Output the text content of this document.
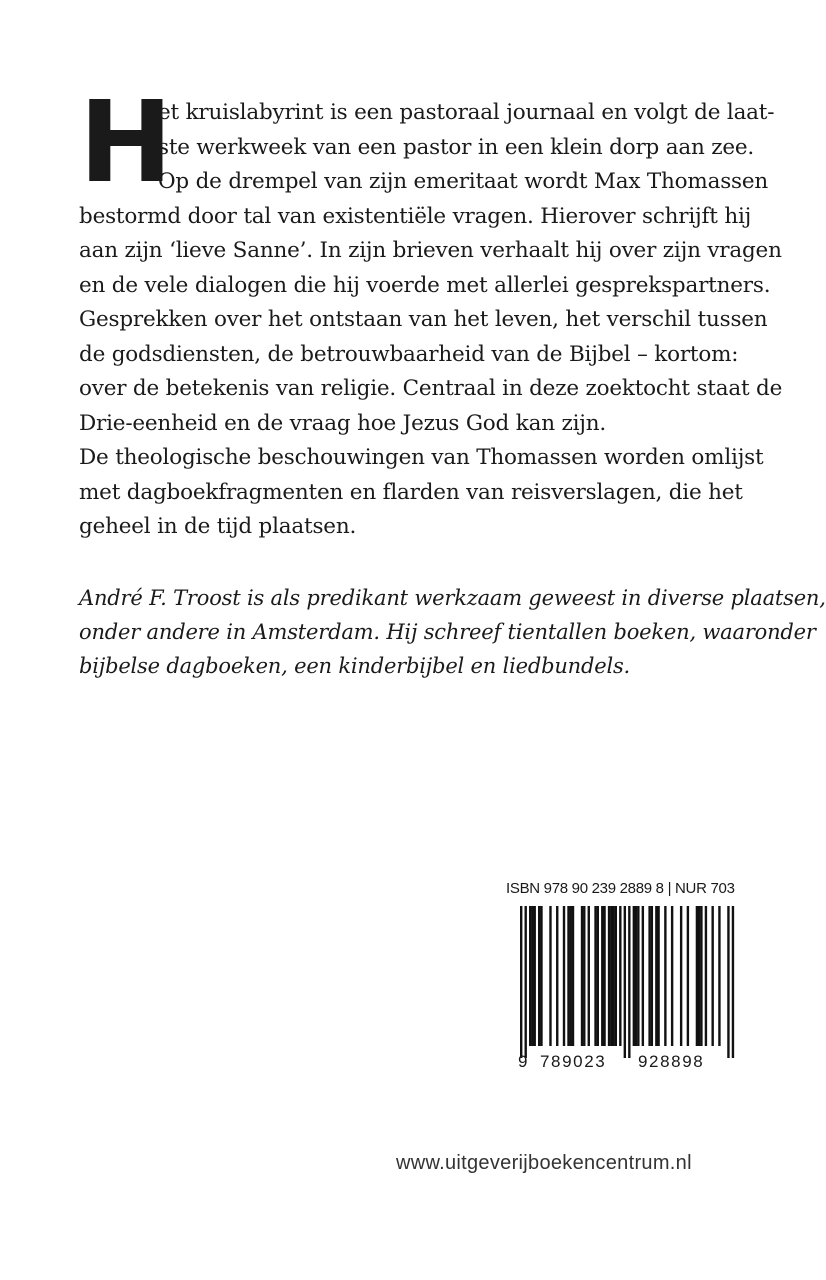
H
et kruislabyrint is een pastoraal journaal en volgt de laat-
ste werkweek van een pastor in een klein dorp aan zee.
Op de drempel van zijn emeritaat wordt Max Thomassen
bestormd door tal van existentiële vragen. Hierover schrijft hij
aan zijn ‘lieve Sanne’. In zijn brieven verhaalt hij over zijn vragen
en de vele dialogen die hij voerde met allerlei gesprekspartners.
Gesprekken over het ontstaan van het leven, het verschil tussen
de godsdiensten, de betrouwbaarheid van de Bijbel – kortom:
over de betekenis van religie. Centraal in deze zoektocht staat de
Drie-eenheid en de vraag hoe Jezus God kan zijn.
De theologische beschouwingen van Thomassen worden omlijst
met dagboekfragmenten en flarden van reisverslagen, die het
geheel in de tijd plaatsen.
André F. Troost is als predikant werkzaam geweest in diverse plaatsen,
onder andere in Amsterdam. Hij schreef tientallen boeken, waaronder
bijbelse dagboeken, een kinderbijbel en liedbundels.
ISBN 978 90 239 2889 8 | NUR 703
9 789023 928898
www.uitgeverijboekencentrum.nl
